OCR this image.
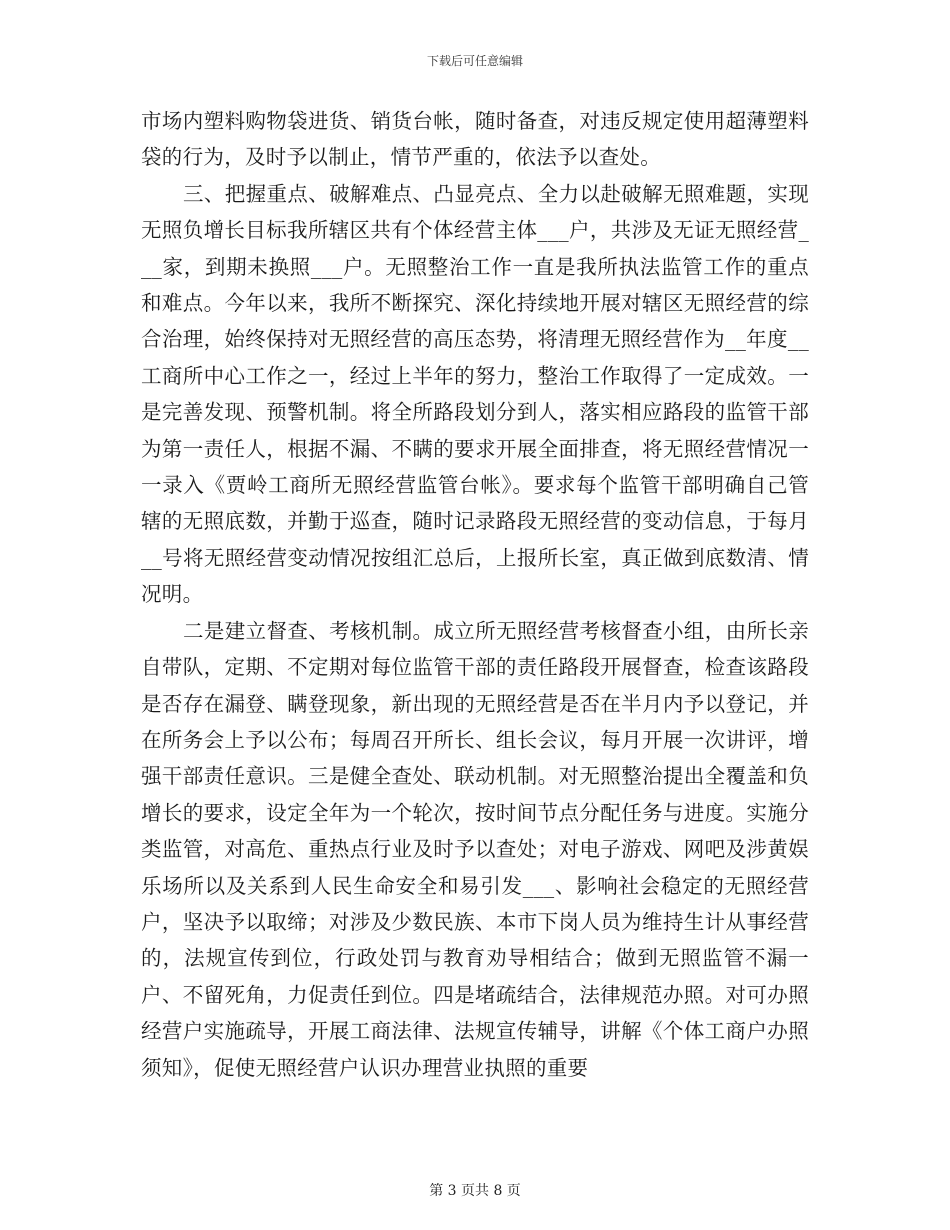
下载后可任意编辑

市场内塑料购物袋进货、销货台帐，随时备查，对违反规定使用超薄塑料袋的行为，及时予以制止，情节严重的，依法予以查处。

三、把握重点、破解难点、凸显亮点、全力以赴破解无照难题，实现无照负增长目标我所辖区共有个体经营主体___户，共涉及无证无照经营___家，到期未换照___户。无照整治工作一直是我所执法监管工作的重点和难点。今年以来，我所不断探究、深化持续地开展对辖区无照经营的综合治理，始终保持对无照经营的高压态势，将清理无照经营作为__年度__工商所中心工作之一，经过上半年的努力，整治工作取得了一定成效。一是完善发现、预警机制。将全所路段划分到人，落实相应路段的监管干部为第一责任人，根据不漏、不瞒的要求开展全面排查，将无照经营情况一一录入《贾岭工商所无照经营监管台帐》。要求每个监管干部明确自己管辖的无照底数，并勤于巡查，随时记录路段无照经营的变动信息，于每月__号将无照经营变动情况按组汇总后，上报所长室，真正做到底数清、情况明。

二是建立督查、考核机制。成立所无照经营考核督查小组，由所长亲自带队，定期、不定期对每位监管干部的责任路段开展督查，检查该路段是否存在漏登、瞒登现象，新出现的无照经营是否在半月内予以登记，并在所务会上予以公布；每周召开所长、组长会议，每月开展一次讲评，增强干部责任意识。三是健全查处、联动机制。对无照整治提出全覆盖和负增长的要求，设定全年为一个轮次，按时间节点分配任务与进度。实施分类监管，对高危、重热点行业及时予以查处；对电子游戏、网吧及涉黄娱乐场所以及关系到人民生命安全和易引发___、影响社会稳定的无照经营户，坚决予以取缔；对涉及少数民族、本市下岗人员为维持生计从事经营的，法规宣传到位，行政处罚与教育劝导相结合；做到无照监管不漏一户、不留死角，力促责任到位。四是堵疏结合，法律规范办照。对可办照经营户实施疏导，开展工商法律、法规宣传辅导，讲解《个体工商户办照须知》，促使无照经营户认识办理营业执照的重要

第 3 页共 8 页
